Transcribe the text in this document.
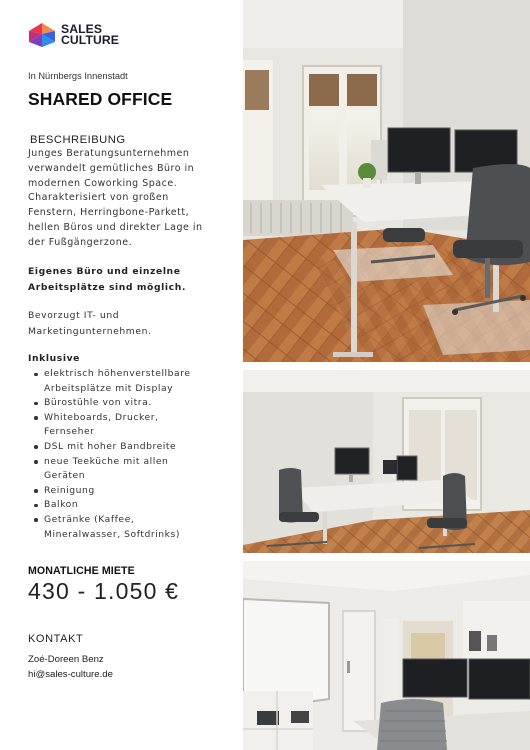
SALES
CULTURE
In Nürnbergs Innenstadt
SHARED OFFICE
BESCHREIBUNG
Junges Beratungsunternehmen
verwandelt gemütliches Büro in
modernen Coworking Space.
Charakterisiert von großen
Fenstern, Herringbone-Parkett,
hellen Büros und direkter Lage in
der Fußgängerzone.
Eigenes Büro und einzelne
Arbeitsplätze sind möglich.
Bevorzugt IT- und
Marketingunternehmen.
Inklusive
elektrisch höhenverstellbare
Arbeitsplätze mit Display
Bürostühle von vitra.
Whiteboards, Drucker,
Fernseher
DSL mit hoher Bandbreite
neue Teeküche mit allen
Geräten
Reinigung
Balkon
Getränke (Kaffee,
Mineralwasser, Softdrinks)
MONATLICHE MIETE
430 - 1.050 €
KONTAKT
Zoé-Doreen Benz
hi@sales-culture.de
